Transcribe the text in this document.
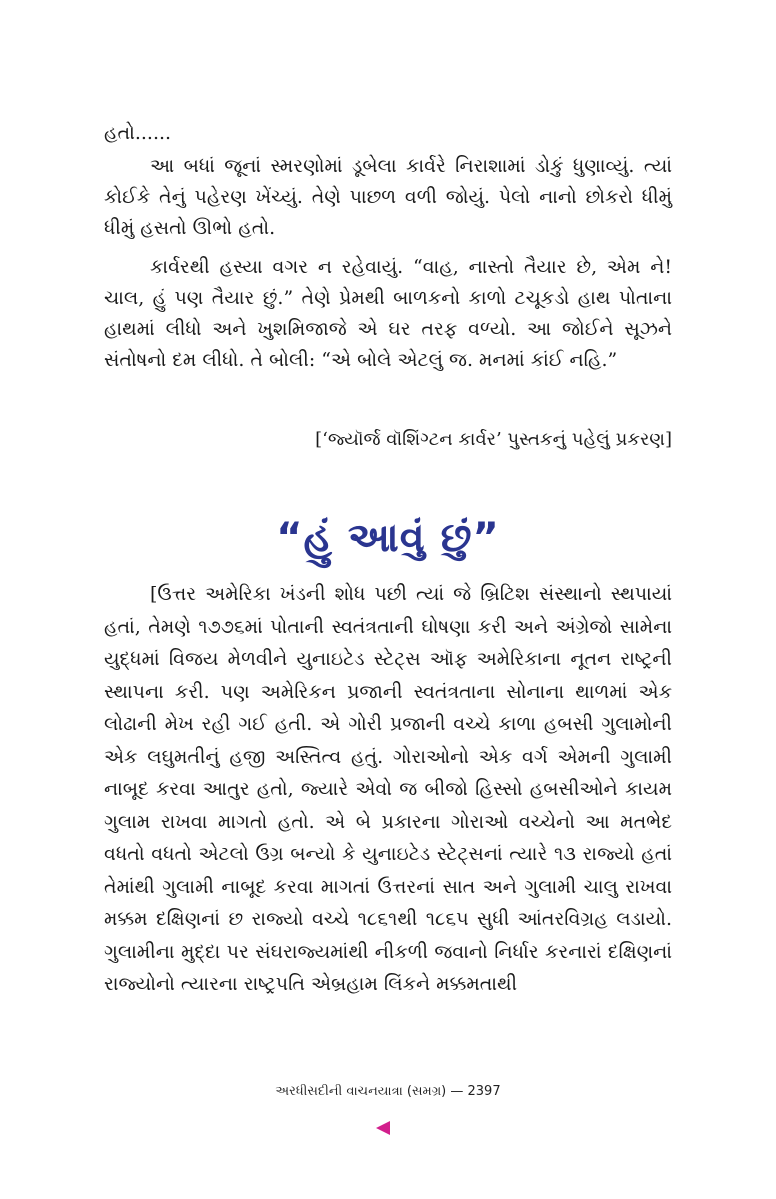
હતો......

આ બધાં જૂનાં સ્મરણોમાં ડૂબેલા કાર્વરે નિરાશામાં ડોકું ધુણાવ્યું. ત્યાં કોઈકે તેનું પહેરણ ખેંચ્યું. તેણે પાછળ વળી જોયું. પેલો નાનો છોકરો ધીમું ધીમું હસતો ઊભો હતો.

કાર્વરથી હસ્યા વગર ન રહેવાયું. “વાહ, નાસ્તો તૈયાર છે, એમ ને! ચાલ, હું પણ તૈયાર છું.” તેણે પ્રેમથી બાળકનો કાળો ટચૂકડો હાથ પોતાના હાથમાં લીધો અને ખુશમિજાજે એ ઘર તરફ વળ્યો. આ જોઈને સૂઝને સંતોષનો દમ લીધો. તે બોલી: “એ બોલે એટલું જ. મનમાં કાંઈ નહિ.”

[‘જ્યૉર્જ વૉશિંગ્ટન કાર્વર’ પુસ્તકનું પહેલું પ્રકરણ]
“હું આવું છું”

[ઉત્તર અમેરિકા ખંડની શોધ પછી ત્યાં જે બ્રિટિશ સંસ્થાનો સ્થપાયાં હતાં, તેમણે ૧૭૭૬માં પોતાની સ્વતંત્રતાની ઘોષણા કરી અને અંગ્રેજો સામેના યુદ્ધમાં વિજય મેળવીને યુનાઇટેડ સ્ટેટ્સ ઑફ અમેરિકાના નૂતન રાષ્ટ્રની સ્થાપના કરી. પણ અમેરિકન પ્રજાની સ્વતંત્રતાના સોનાના થાળમાં એક લોઢાની મેખ રહી ગઈ હતી. એ ગોરી પ્રજાની વચ્ચે કાળા હબસી ગુલામોની એક લઘુમતીનું હજી અસ્તિત્વ હતું. ગોરાઓનો એક વર્ગ એમની ગુલામી નાબૂદ કરવા આતુર હતો, જ્યારે એવો જ બીજો હિસ્સો હબસીઓને કાયમ ગુલામ રાખવા માગતો હતો. એ બે પ્રકારના ગોરાઓ વચ્ચેનો આ મતભેદ વધતો વધતો એટલો ઉગ્ર બન્યો કે યુનાઇટેડ સ્ટેટ્સનાં ત્યારે ૧૩ રાજ્યો હતાં તેમાંથી ગુલામી નાબૂદ કરવા માગતાં ઉત્તરનાં સાત અને ગુલામી ચાલુ રાખવા મક્કમ દક્ષિણનાં છ રાજ્યો વચ્ચે ૧૮૬૧થી ૧૮૬૫ સુધી આંતરવિગ્રહ લડાયો. ગુલામીના મુદ્દા પર સંઘરાજ્યમાંથી નીકળી જવાનો નિર્ધાર કરનારાં દક્ષિણનાં રાજ્યોનો ત્યારના રાષ્ટ્રપતિ એબ્રહામ લિંકને મક્કમતાથી

અરધીસદીની વાચનયાત્રા (સમગ્ર) — 2397
